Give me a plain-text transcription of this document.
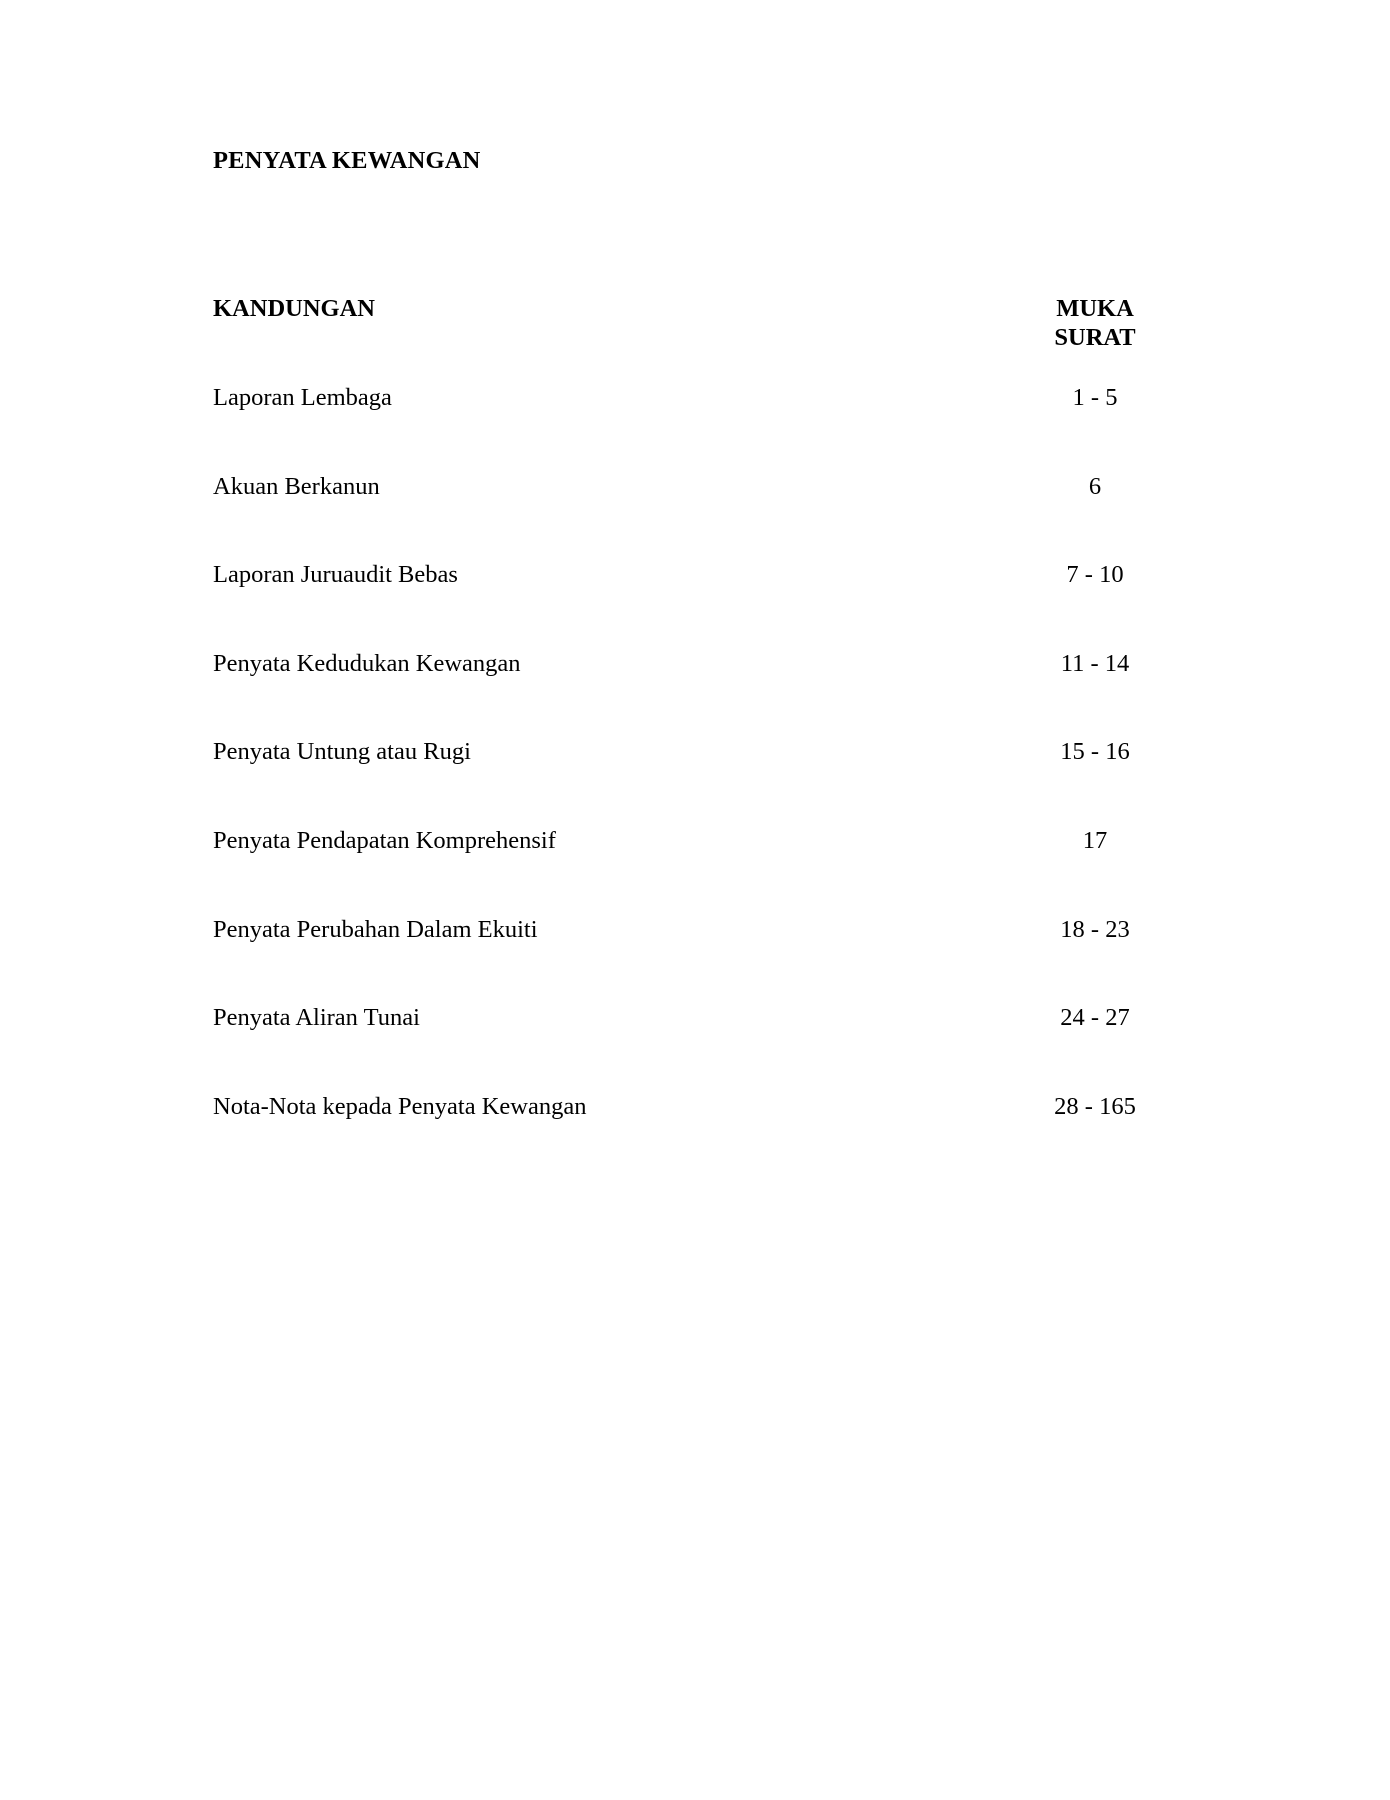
PENYATA KEWANGAN
KANDUNGAN	MUKA
SURAT
Laporan Lembaga	1 - 5
Akuan Berkanun	6
Laporan Juruaudit Bebas	7 - 10
Penyata Kedudukan Kewangan	11 - 14
Penyata Untung atau Rugi	15 - 16
Penyata Pendapatan Komprehensif	17
Penyata Perubahan Dalam Ekuiti	18 - 23
Penyata Aliran Tunai	24 - 27
Nota-Nota kepada Penyata Kewangan	28 - 165
